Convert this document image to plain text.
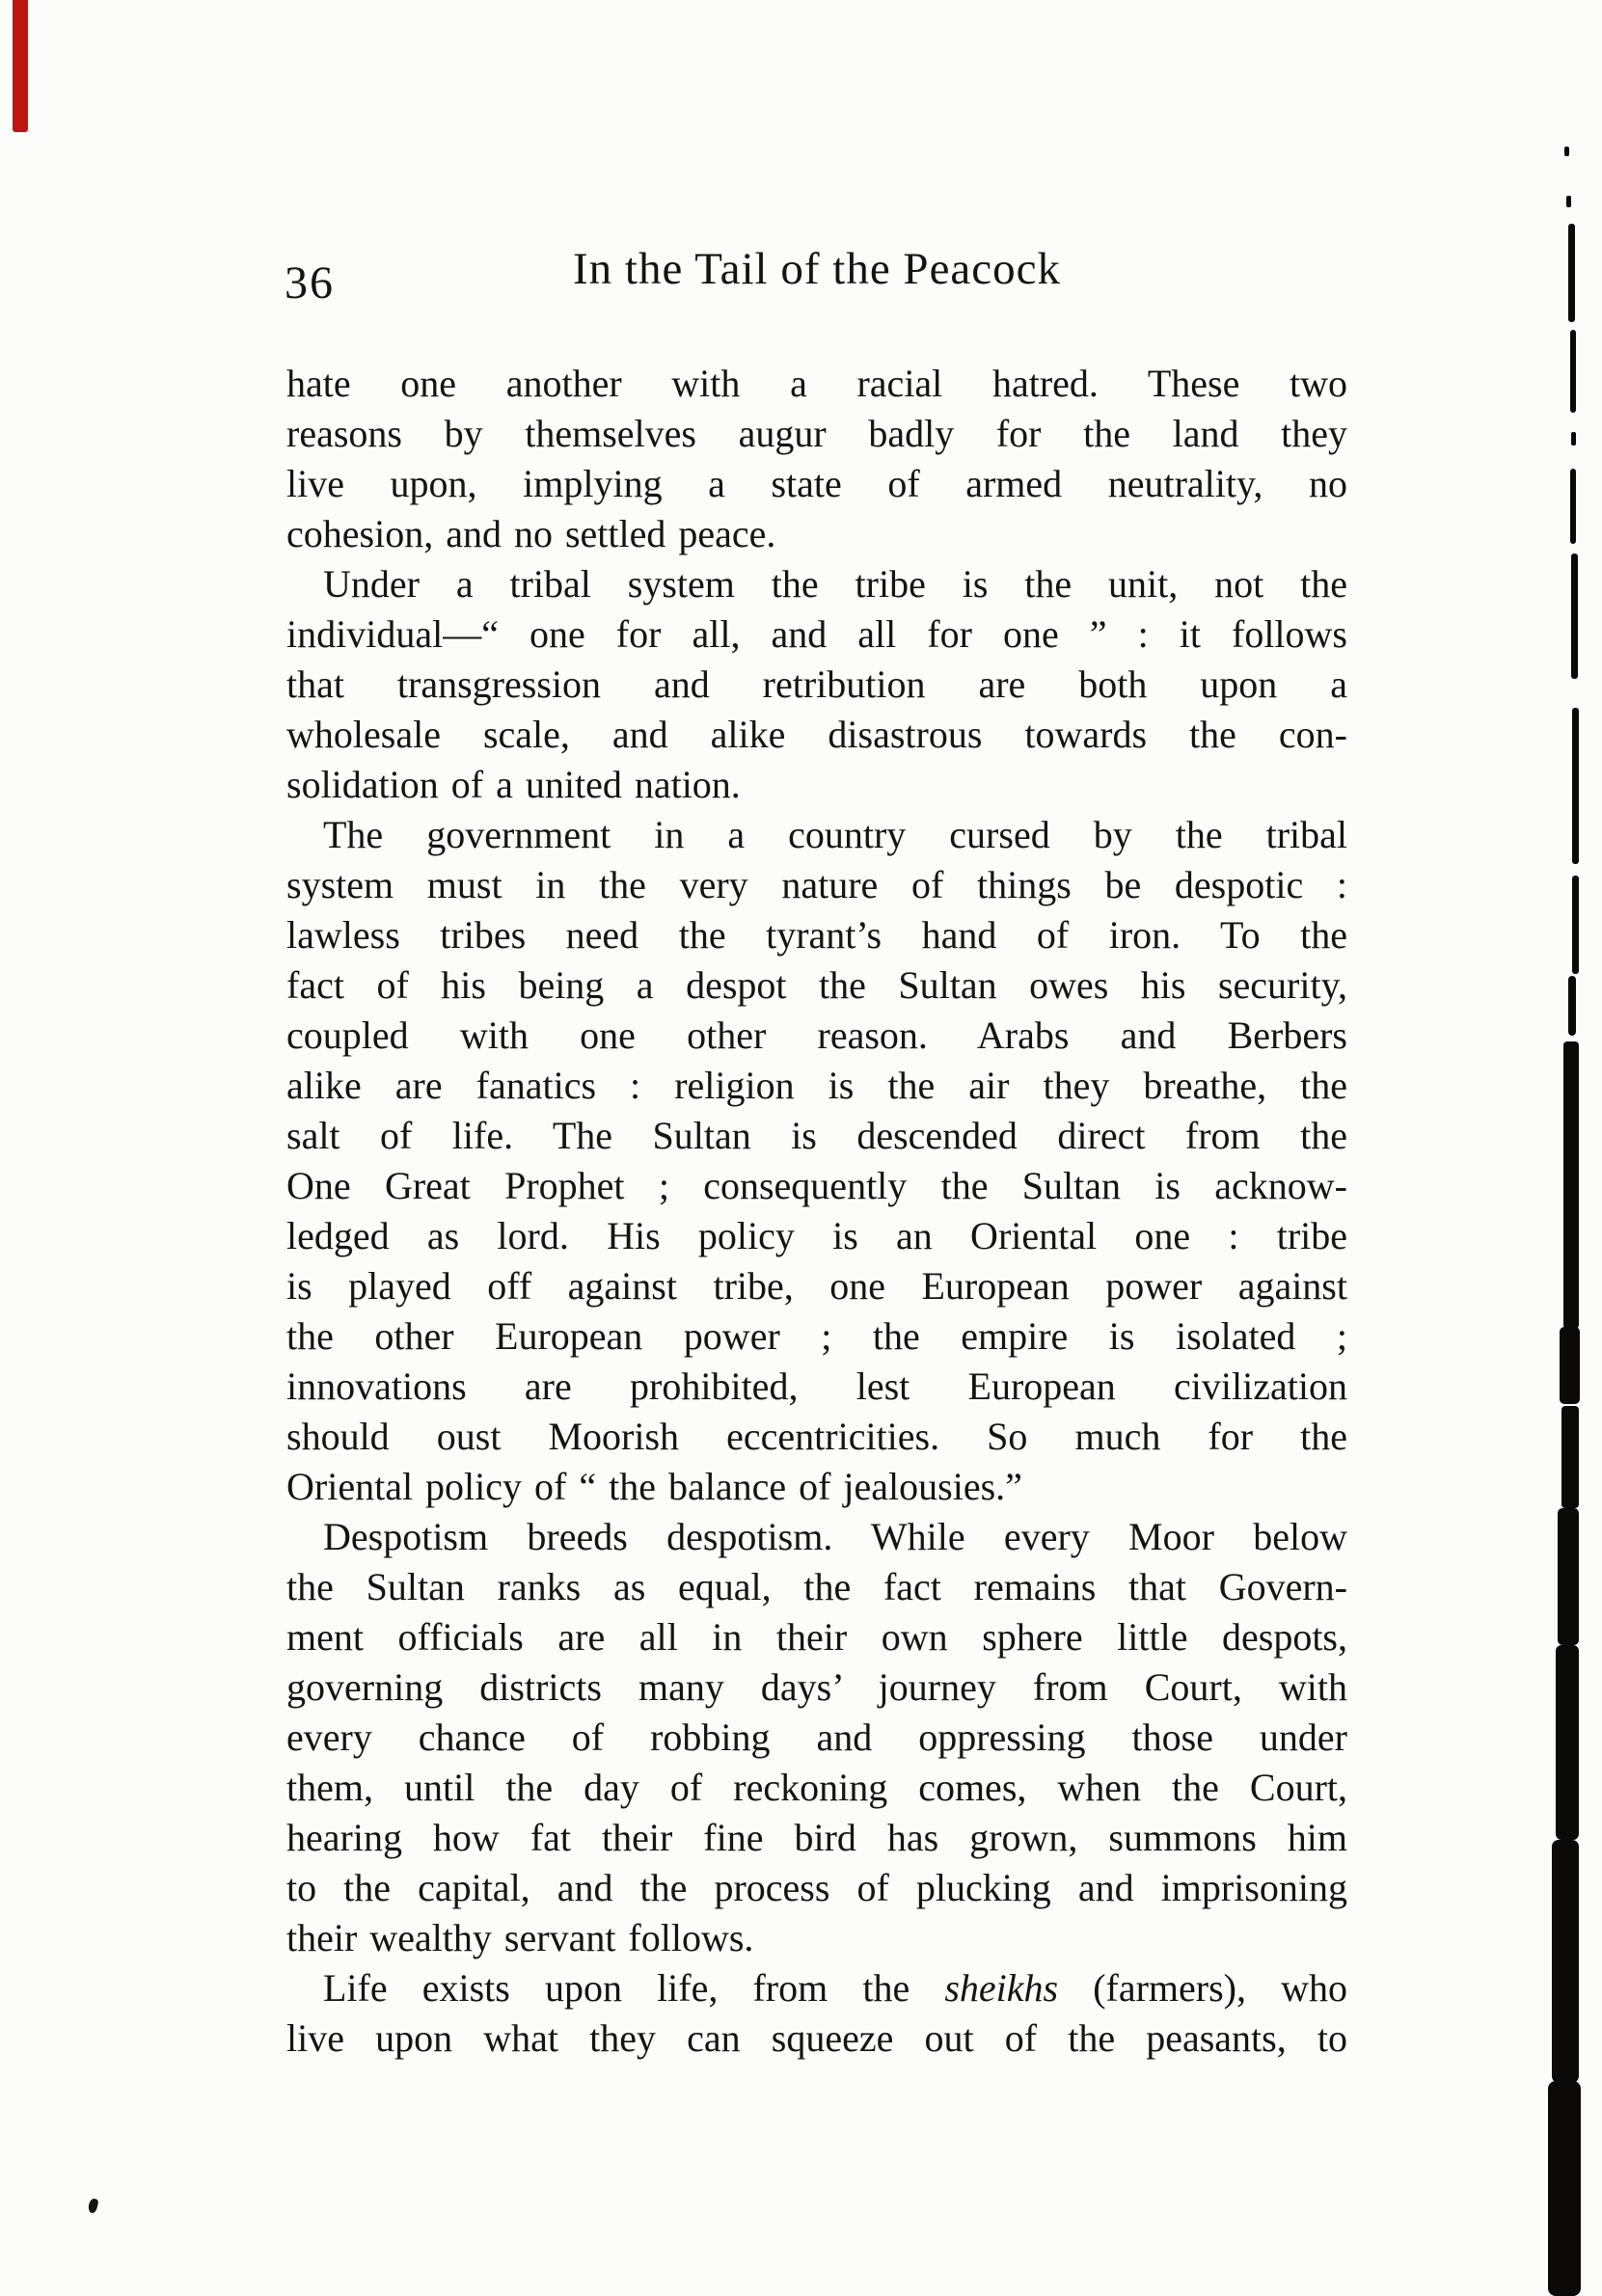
36	In the Tail of the Peacock
hate one another with a racial hatred. These two
reasons by themselves augur badly for the land they
live upon, implying a state of armed neutrality, no
cohesion, and no settled peace.
Under a tribal system the tribe is the unit, not the
individual—“ one for all, and all for one ” : it follows
that transgression and retribution are both upon a
wholesale scale, and alike disastrous towards the con-
solidation of a united nation.
The government in a country cursed by the tribal
system must in the very nature of things be despotic :
lawless tribes need the tyrant’s hand of iron. To the
fact of his being a despot the Sultan owes his security,
coupled with one other reason. Arabs and Berbers
alike are fanatics : religion is the air they breathe, the
salt of life. The Sultan is descended direct from the
One Great Prophet ; consequently the Sultan is acknow-
ledged as lord. His policy is an Oriental one : tribe
is played off against tribe, one European power against
the other European power ; the empire is isolated ;
innovations are prohibited, lest European civilization
should oust Moorish eccentricities. So much for the
Oriental policy of “ the balance of jealousies.”
Despotism breeds despotism. While every Moor below
the Sultan ranks as equal, the fact remains that Govern-
ment officials are all in their own sphere little despots,
governing districts many days’ journey from Court, with
every chance of robbing and oppressing those under
them, until the day of reckoning comes, when the Court,
hearing how fat their fine bird has grown, summons him
to the capital, and the process of plucking and imprisoning
their wealthy servant follows.
Life exists upon life, from the sheikhs (farmers), who
live upon what they can squeeze out of the peasants, to
